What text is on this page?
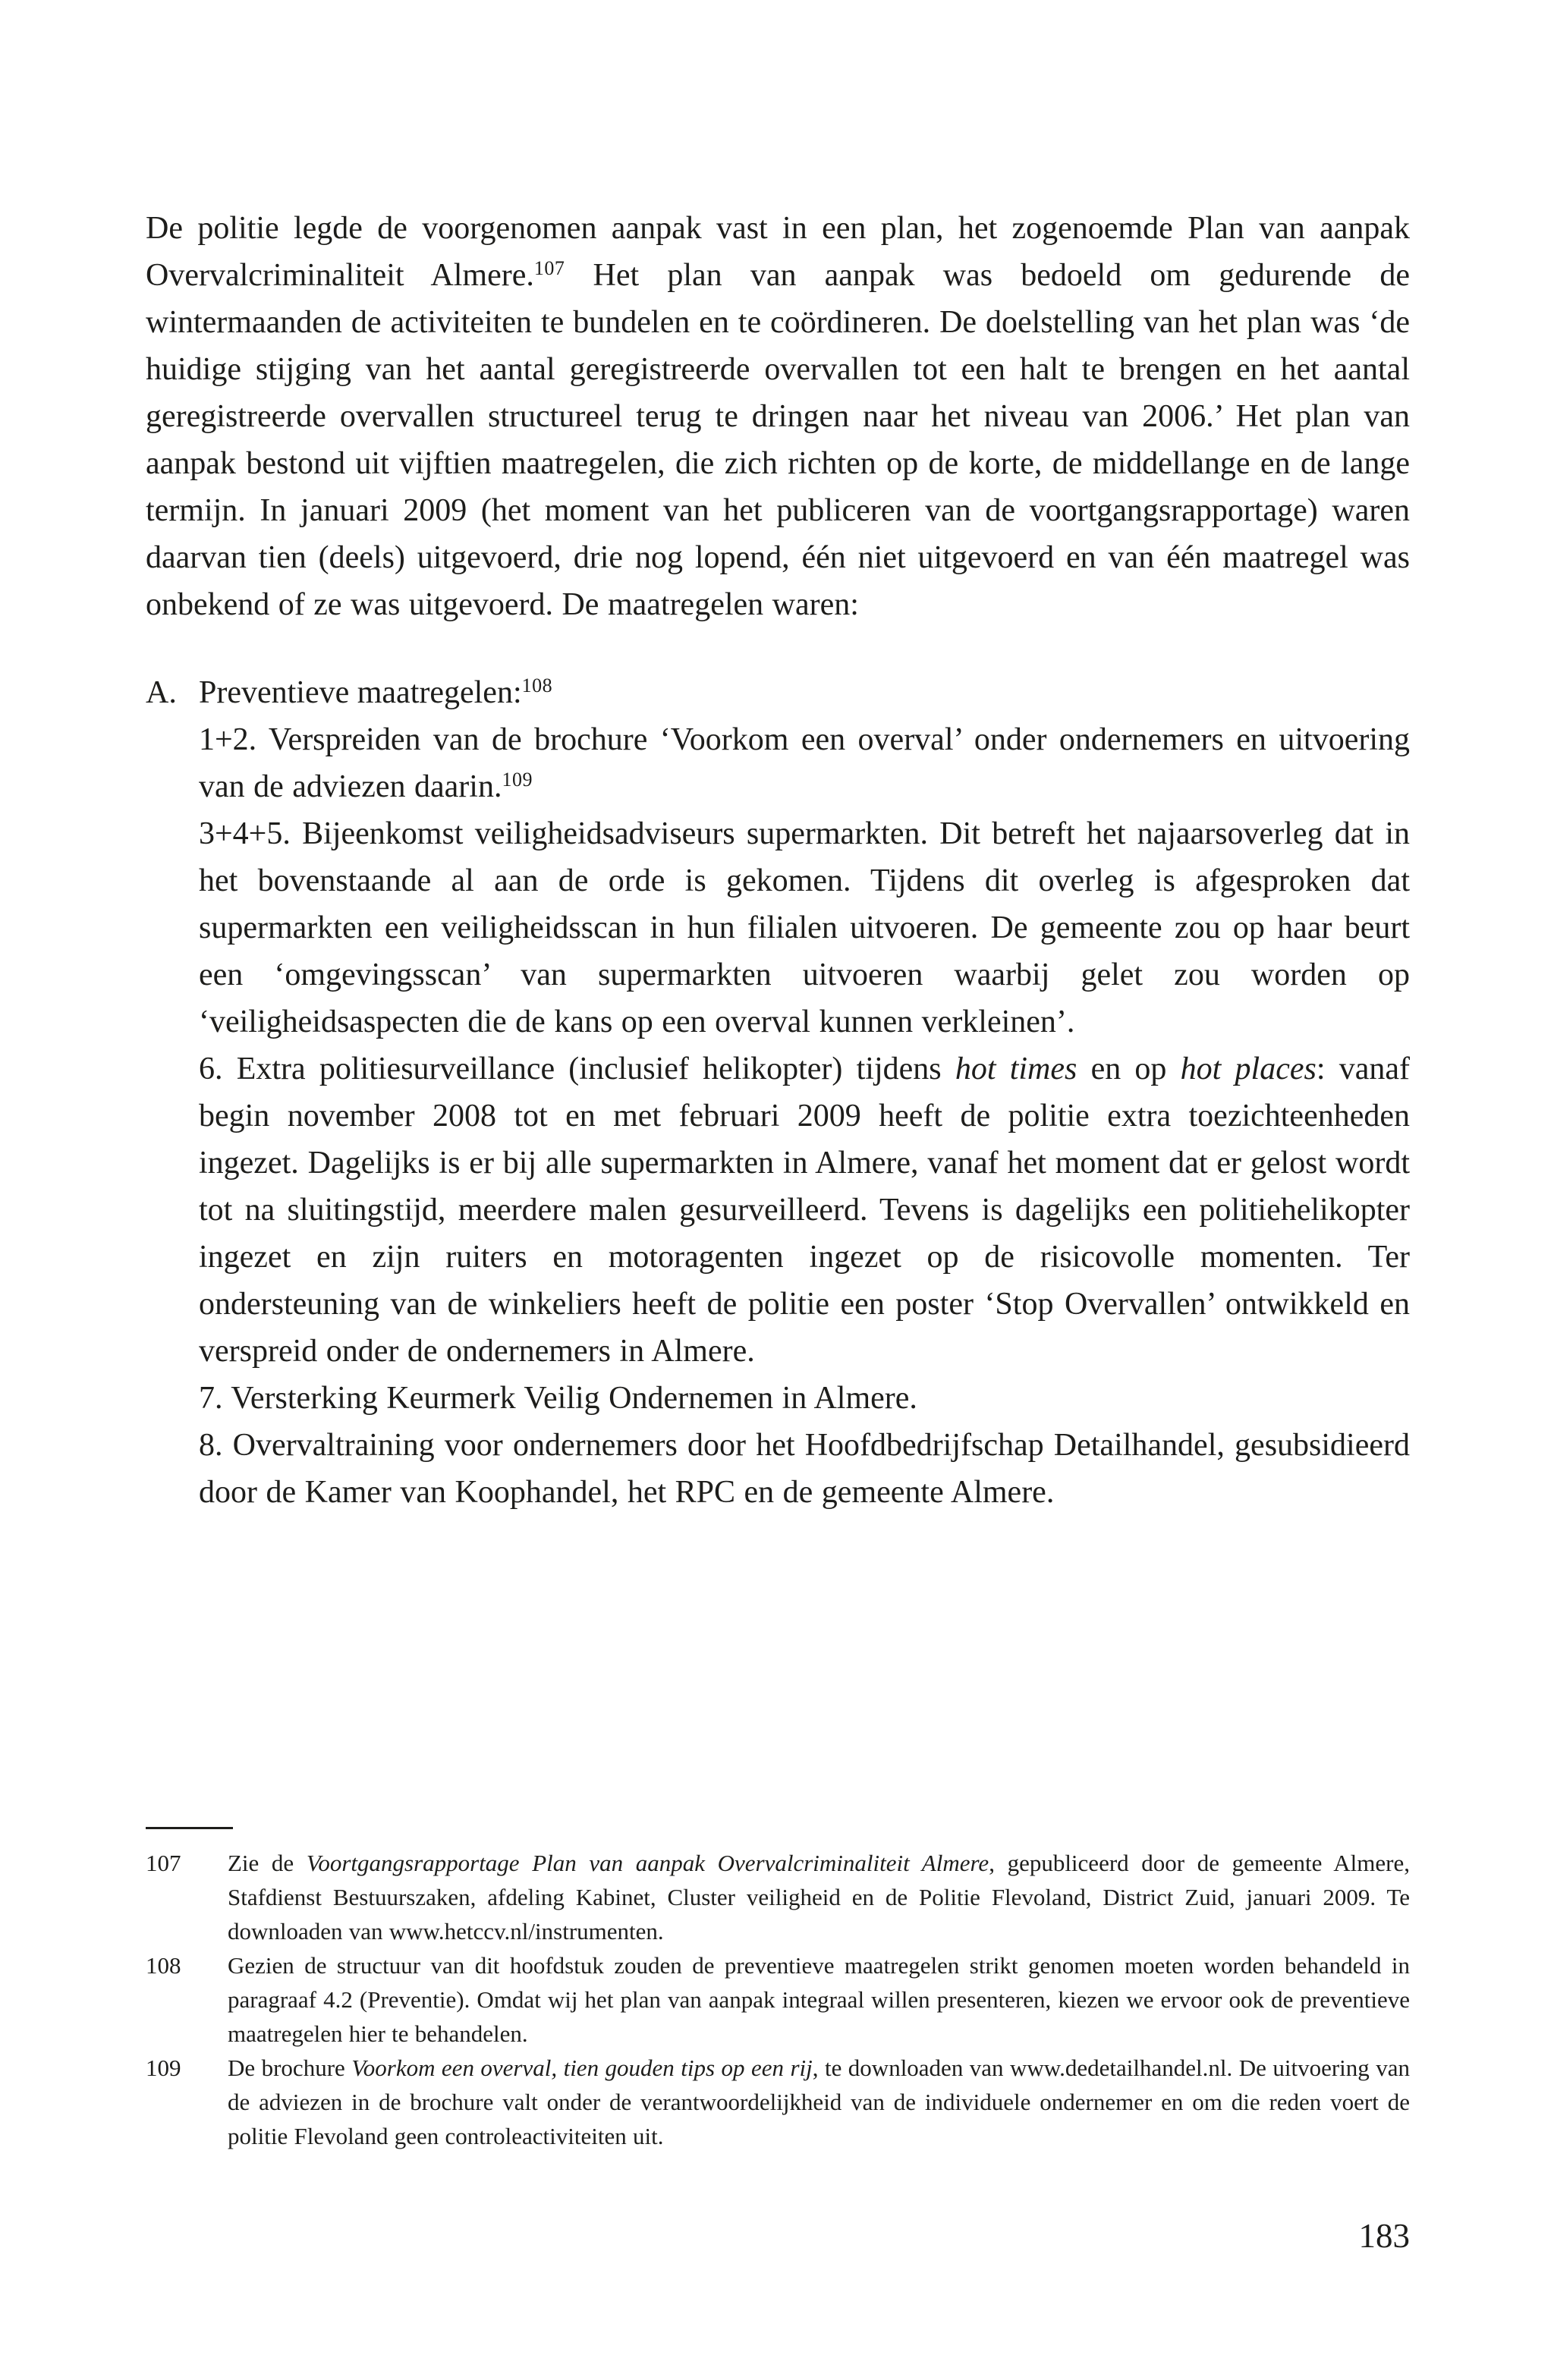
De politie legde de voorgenomen aanpak vast in een plan, het zogenoemde Plan van aanpak Overvalcriminaliteit Almere.$^{107}$ Het plan van aanpak was bedoeld om gedurende de wintermaanden de activiteiten te bundelen en te coördineren. De doelstelling van het plan was ‘de huidige stijging van het aantal geregistreerde overvallen tot een halt te brengen en het aantal geregistreerde overvallen structureel terug te dringen naar het niveau van 2006.’ Het plan van aanpak bestond uit vijftien maatregelen, die zich richten op de korte, de middellange en de lange termijn. In januari 2009 (het moment van het publiceren van de voortgangsrapportage) waren daarvan tien (deels) uitgevoerd, drie nog lopend, één niet uitgevoerd en van één maatregel was onbekend of ze was uitgevoerd. De maatregelen waren:

A. Preventieve maatregelen:$^{108}$

1+2. Verspreiden van de brochure ‘Voorkom een overval’ onder ondernemers en uitvoering van de adviezen daarin.$^{109}$

3+4+5. Bijeenkomst veiligheidsadviseurs supermarkten. Dit betreft het najaarsoverleg dat in het bovenstaande al aan de orde is gekomen. Tijdens dit overleg is afgesproken dat supermarkten een veiligheidsscan in hun filialen uitvoeren. De gemeente zou op haar beurt een ‘omgevingsscan’ van supermarkten uitvoeren waarbij gelet zou worden op ‘veiligheidsaspecten die de kans op een overval kunnen verkleinen’.

6. Extra politiesurveillance (inclusief helikopter) tijdens hot times en op hot places: vanaf begin november 2008 tot en met februari 2009 heeft de politie extra toezichteenheden ingezet. Dagelijks is er bij alle supermarkten in Almere, vanaf het moment dat er gelost wordt tot na sluitingstijd, meerdere malen gesurveilleerd. Tevens is dagelijks een politiehelikopter ingezet en zijn ruiters en motoragenten ingezet op de risicovolle momenten. Ter ondersteuning van de winkeliers heeft de politie een poster ‘Stop Overvallen’ ontwikkeld en verspreid onder de ondernemers in Almere.

7. Versterking Keurmerk Veilig Ondernemen in Almere.

8. Overvaltraining voor ondernemers door het Hoofdbedrijfschap Detailhandel, gesubsidieerd door de Kamer van Koophandel, het RPC en de gemeente Almere.

107 Zie de Voortgangsrapportage Plan van aanpak Overvalcriminaliteit Almere, gepubliceerd door de gemeente Almere, Stafdienst Bestuurszaken, afdeling Kabinet, Cluster veiligheid en de Politie Flevoland, District Zuid, januari 2009. Te downloaden van www.hetccv.nl/instrumenten.
108 Gezien de structuur van dit hoofdstuk zouden de preventieve maatregelen strikt genomen moeten worden behandeld in paragraaf 4.2 (Preventie). Omdat wij het plan van aanpak integraal willen presenteren, kiezen we ervoor ook de preventieve maatregelen hier te behandelen.
109 De brochure Voorkom een overval, tien gouden tips op een rij, te downloaden van www.dedetailhandel.nl. De uitvoering van de adviezen in de brochure valt onder de verantwoordelijkheid van de individuele ondernemer en om die reden voert de politie Flevoland geen controleactiviteiten uit.
183
